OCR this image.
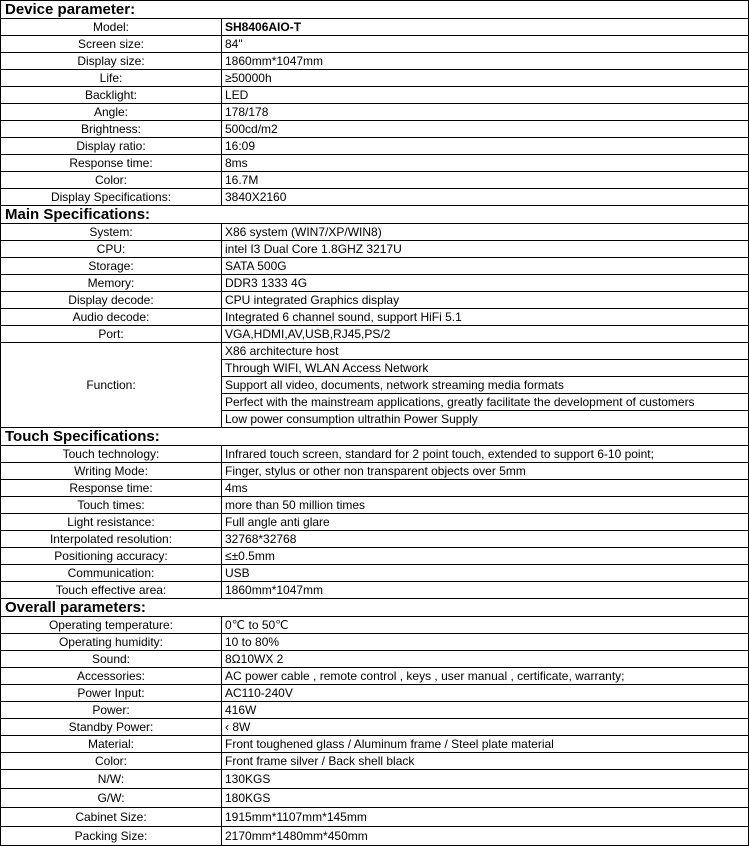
Device parameter:	
Model:	SH8406AIO-T
Screen size:	84"
Display size:	1860mm*1047mm
Life:	≥50000h
Backlight:	LED
Angle:	178/178
Brightness:	500cd/m2
Display ratio:	16:09
Response time:	8ms
Color:	16.7M
Display Specifications:	3840X2160
Main Specifications:	
System:	X86 system (WIN7/XP/WIN8)
CPU:	intel I3 Dual Core 1.8GHZ 3217U
Storage:	SATA 500G
Memory:	DDR3 1333 4G
Display decode:	CPU integrated Graphics display
Audio decode:	Integrated 6 channel sound, support HiFi 5.1
Port:	VGA,HDMI,AV,USB,RJ45,PS/2
Function:	X86 architecture host
	Through WIFI, WLAN Access Network
	Support all video, documents, network streaming media formats
	Perfect with the mainstream applications, greatly facilitate the development of customers
	Low power consumption ultrathin Power Supply
Touch Specifications:	
Touch technology:	Infrared touch screen, standard for 2 point touch, extended to support 6-10 point;
Writing Mode:	Finger, stylus or other non transparent objects over 5mm
Response time:	4ms
Touch times:	more than 50 million times
Light resistance:	Full angle anti glare
Interpolated resolution:	32768*32768
Positioning accuracy:	≤±0.5mm
Communication:	USB
Touch effective area:	1860mm*1047mm
Overall parameters:	
Operating temperature:	0℃ to 50℃
Operating humidity:	10 to 80%
Sound:	8Ω10WX 2
Accessories:	AC power cable , remote control , keys , user manual , certificate, warranty;
Power Input:	AC110-240V
Power:	416W
Standby Power:	‹ 8W
Material:	Front toughened glass / Aluminum frame / Steel plate material
Color:	Front frame silver / Back shell black
N/W:	130KGS
G/W:	180KGS
Cabinet Size:	1915mm*1107mm*145mm
Packing Size:	2170mm*1480mm*450mm
